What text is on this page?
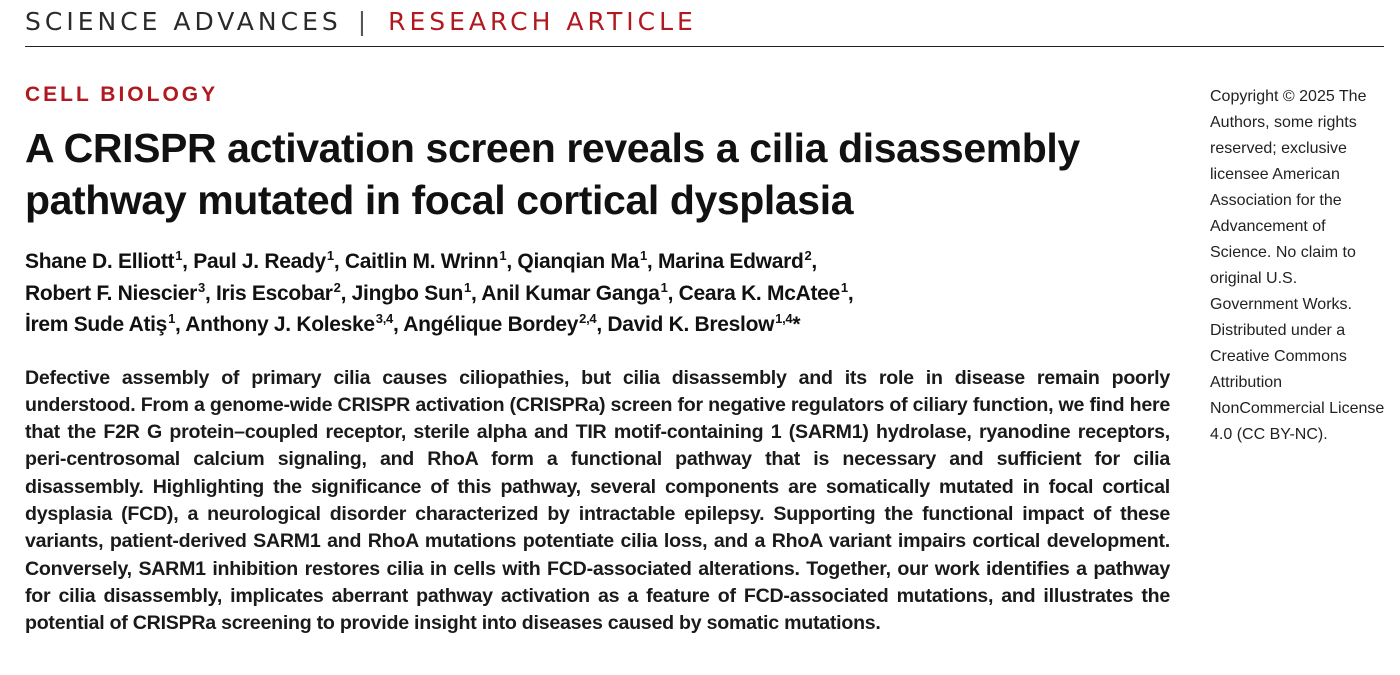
SCIENCE ADVANCES | RESEARCH ARTICLE
CELL BIOLOGY
A CRISPR activation screen reveals a cilia disassembly
pathway mutated in focal cortical dysplasia
Shane D. Elliott$^1$, Paul J. Ready$^1$, Caitlin M. Wrinn$^1$, Qianqian Ma$^1$, Marina Edward$^2$,
Robert F. Niescier$^3$, Iris Escobar$^2$, Jingbo Sun$^1$, Anil Kumar Ganga$^1$, Ceara K. McAtee$^1$,
İrem Sude Atiş$^1$, Anthony J. Koleske$^{3,4}$, Angélique Bordey$^{2,4}$, David K. Breslow$^{1,4}$*

Defective assembly of primary cilia causes ciliopathies, but cilia disassembly and its role in disease remain poorly understood. From a genome-wide CRISPR activation (CRISPRa) screen for negative regulators of ciliary function, we find here that the F2R G protein–coupled receptor, sterile alpha and TIR motif-containing 1 (SARM1) hydrolase, ryanodine receptors, peri-centrosomal calcium signaling, and RhoA form a functional pathway that is necessary and sufficient for cilia disassembly. Highlighting the significance of this pathway, several components are somatically mutated in focal cortical dysplasia (FCD), a neurological disorder characterized by intractable epilepsy. Supporting the functional impact of these variants, patient-derived SARM1 and RhoA mutations potentiate cilia loss, and a RhoA variant impairs cortical development. Conversely, SARM1 inhibition restores cilia in cells with FCD-associated alterations. Together, our work identifies a pathway for cilia disassembly, implicates aberrant pathway activation as a feature of FCD-associated mutations, and illustrates the potential of CRISPRa screening to provide insight into diseases caused by somatic mutations.

Copyright © 2025 The Authors, some rights reserved; exclusive licensee American Association for the Advancement of Science. No claim to original U.S. Government Works. Distributed under a Creative Commons Attribution NonCommercial License 4.0 (CC BY-NC).
